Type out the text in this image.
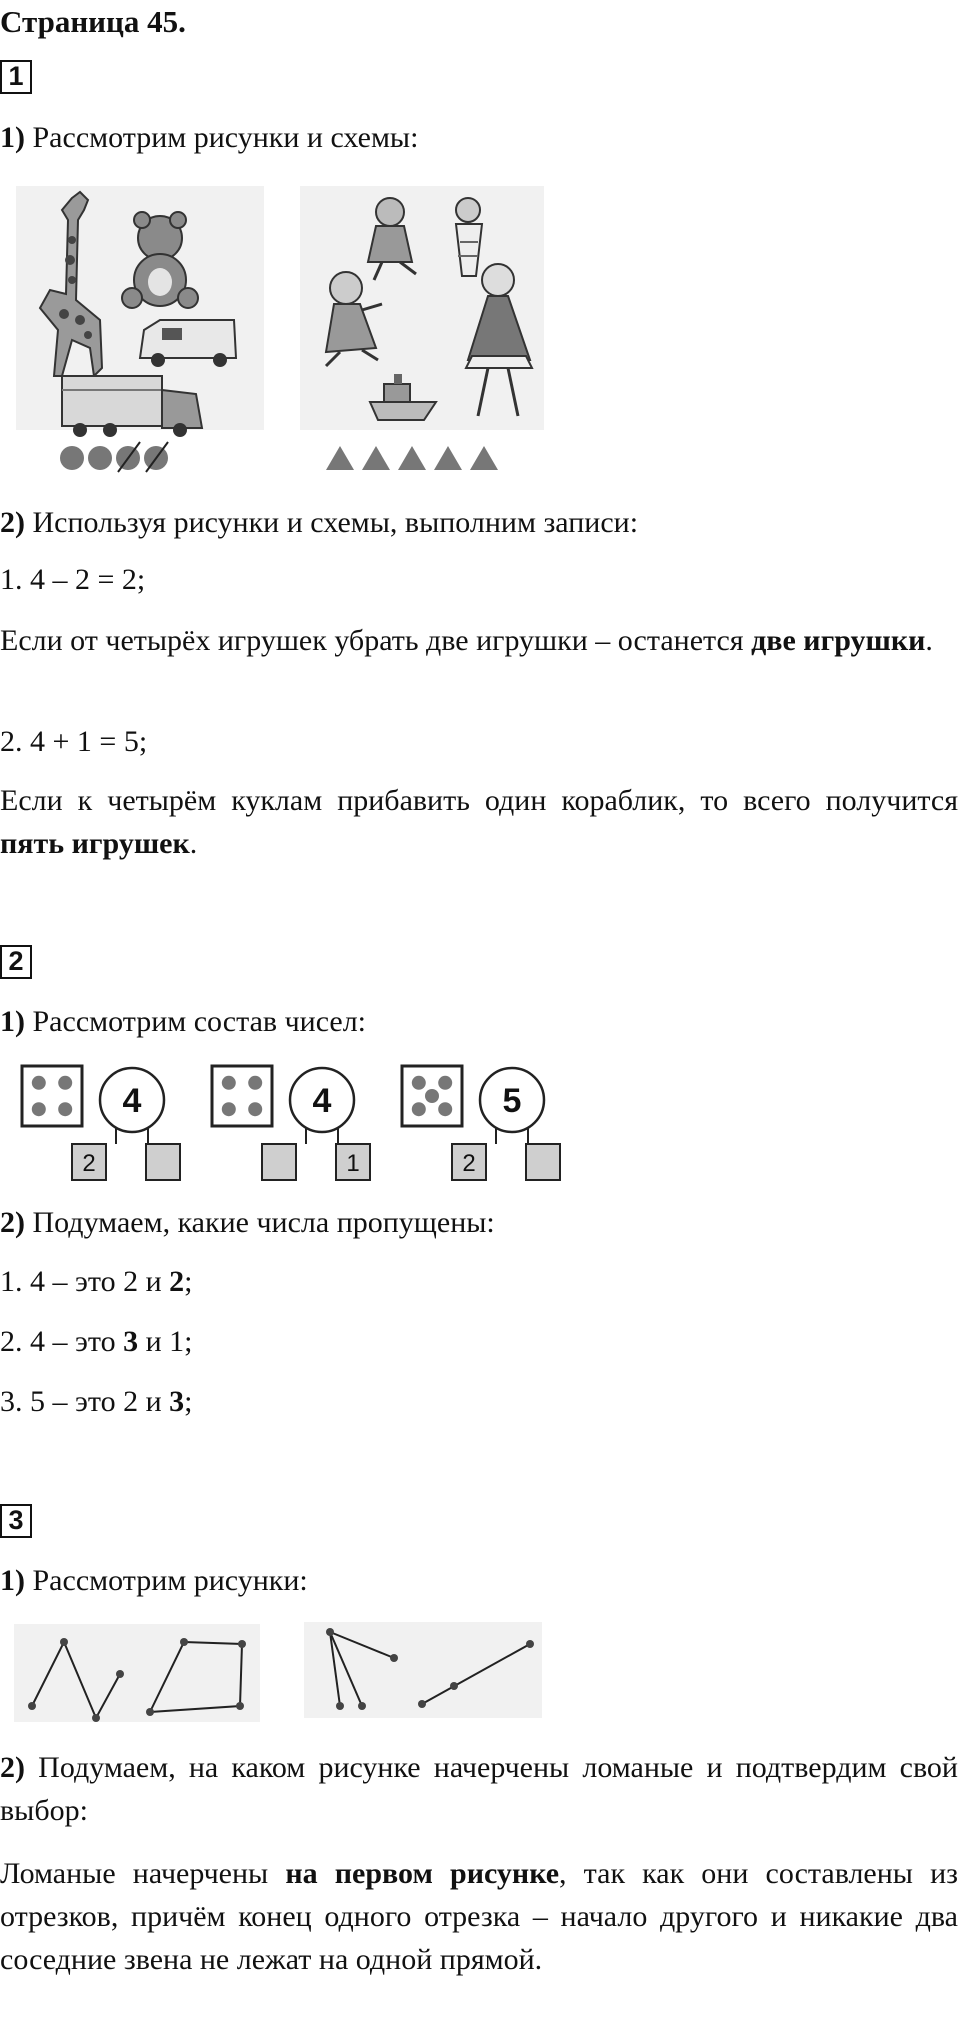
Страница 45.
1
1) Рассмотрим рисунки и схемы:
2) Используя рисунки и схемы, выполним записи:
1. 4 – 2 = 2;
Если от четырёх игрушек убрать две игрушки – останется две игрушки.
2. 4 + 1 = 5;
Если к четырём куклам прибавить один кораблик, то всего получится пять игрушек.
2
1) Рассмотрим состав чисел:
4
2
4
1
5
2
2) Подумаем, какие числа пропущены:
1. 4 – это 2 и 2;
2. 4 – это 3 и 1;
3. 5 – это 2 и 3;
3
1) Рассмотрим рисунки:
2) Подумаем, на каком рисунке начерчены ломаные и подтвердим свой выбор:
Ломаные начерчены на первом рисунке, так как они составлены из отрезков, причём конец одного отрезка – начало другого и никакие два соседние звена не лежат на одной прямой.
